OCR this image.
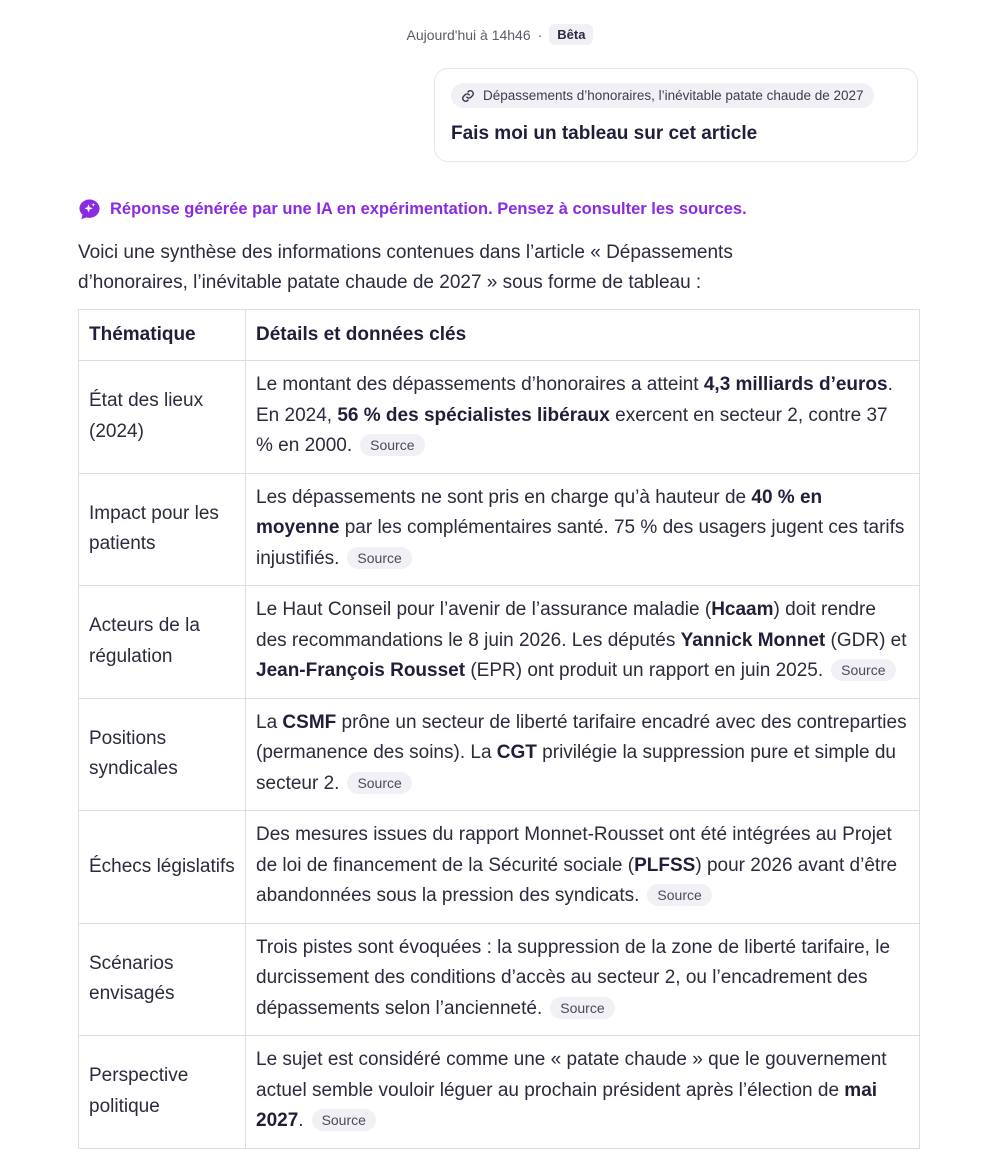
Aujourd'hui à 14h46 ·	Bêta
Dépassements d’honoraires, l’inévitable patate chaude de 2027
Fais moi un tableau sur cet article
Réponse générée par une IA en expérimentation. Pensez à consulter les sources.
Voici une synthèse des informations contenues dans l’article « Dépassements d’honoraires, l’inévitable patate chaude de 2027 » sous forme de tableau :
Thématique	Détails et données clés
État des lieux (2024)	Le montant des dépassements d’honoraires a atteint 4,3 milliards d’euros. En 2024, 56 % des spécialistes libéraux exercent en secteur 2, contre 37 % en 2000. Source
Impact pour les patients	Les dépassements ne sont pris en charge qu’à hauteur de 40 % en moyenne par les complémentaires santé. 75 % des usagers jugent ces tarifs injustifiés. Source
Acteurs de la régulation	Le Haut Conseil pour l’avenir de l’assurance maladie (Hcaam) doit rendre des recommandations le 8 juin 2026. Les députés Yannick Monnet (GDR) et Jean-François Rousset (EPR) ont produit un rapport en juin 2025. Source
Positions syndicales	La CSMF prône un secteur de liberté tarifaire encadré avec des contreparties (permanence des soins). La CGT privilégie la suppression pure et simple du secteur 2. Source
Échecs législatifs	Des mesures issues du rapport Monnet-Rousset ont été intégrées au Projet de loi de financement de la Sécurité sociale (PLFSS) pour 2026 avant d’être abandonnées sous la pression des syndicats. Source
Scénarios envisagés	Trois pistes sont évoquées : la suppression de la zone de liberté tarifaire, le durcissement des conditions d’accès au secteur 2, ou l’encadrement des dépassements selon l’ancienneté. Source
Perspective politique	Le sujet est considéré comme une « patate chaude » que le gouvernement actuel semble vouloir léguer au prochain président après l’élection de mai 2027. Source
